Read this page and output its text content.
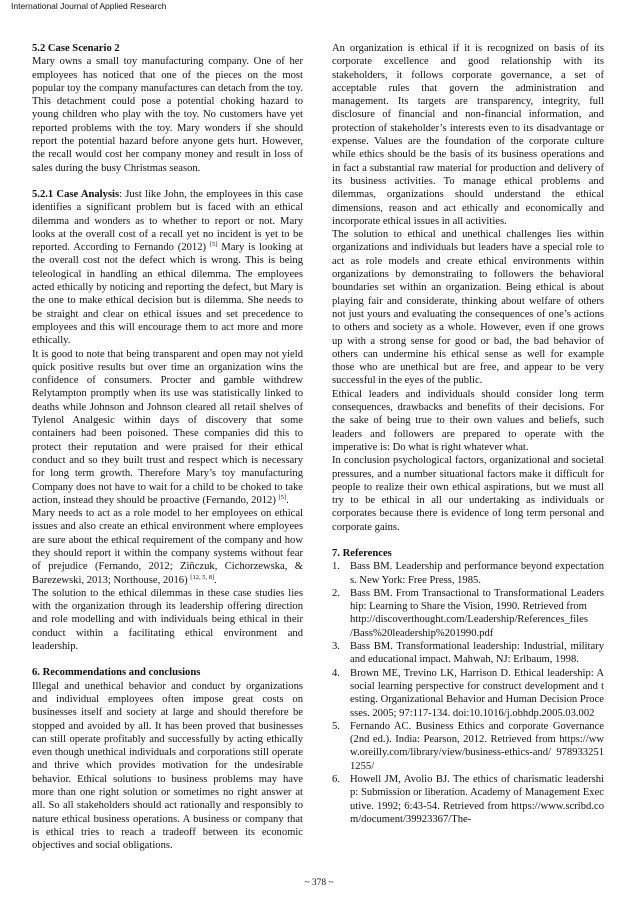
International Journal of Applied Research
5.2 Case Scenario 2

Mary owns a small toy manufacturing company. One of her employees has noticed that one of the pieces on the most popular toy the company manufactures can detach from the toy. This detachment could pose a potential choking hazard to young children who play with the toy. No customers have yet reported problems with the toy. Mary wonders if she should report the potential hazard before anyone gets hurt. However, the recall would cost her company money and result in loss of sales during the busy Christmas season.

5.2.1 Case Analysis: Just like John, the employees in this case identifies a significant problem but is faced with an ethical dilemma and wonders as to whether to report or not. Mary looks at the overall cost of a recall yet no incident is yet to be reported. According to Fernando (2012) [5] Mary is looking at the overall cost not the defect which is wrong. This is being teleological in handling an ethical dilemma. The employees acted ethically by noticing and reporting the defect, but Mary is the one to make ethical decision but is dilemma. She needs to be straight and clear on ethical issues and set precedence to employees and this will encourage them to act more and more ethically.

It is good to note that being transparent and open may not yield quick positive results but over time an organization wins the confidence of consumers. Procter and gamble withdrew Relytampton promptly when its use was statistically linked to deaths while Johnson and Johnson cleared all retail shelves of Tylenol Analgesic within days of discovery that some containers had been poisoned. These companies did this to protect their reputation and were praised for their ethical conduct and so they built trust and respect which is necessary for long term growth. Therefore Mary’s toy manufacturing Company does not have to wait for a child to be choked to take action, instead they should be proactive (Fernando, 2012) [5].

Mary needs to act as a role model to her employees on ethical issues and also create an ethical environment where employees are sure about the ethical requirement of the company and how they should report it within the company systems without fear of prejudice (Fernando, 2012; Ziñczuk, Cichorzewska, & Barezewski, 2013; Northouse, 2016) [12, 5, 8].

The solution to the ethical dilemmas in these case studies lies with the organization through its leadership offering direction and role modelling and with individuals being ethical in their conduct within a facilitating ethical environment and leadership.

6. Recommendations and conclusions

Illegal and unethical behavior and conduct by organizations and individual employees often impose great costs on businesses itself and society at large and should therefore be stopped and avoided by all. It has been proved that businesses can still operate profitably and successfully by acting ethically even though unethical individuals and corporations still operate and thrive which provides motivation for the undesirable behavior. Ethical solutions to business problems may have more than one right solution or sometimes no right answer at all. So all stakeholders should act rationally and responsibly to nature ethical business operations. A business or company that is ethical tries to reach a tradeoff between its economic objectives and social obligations.

An organization is ethical if it is recognized on basis of its corporate excellence and good relationship with its stakeholders, it follows corporate governance, a set of acceptable rules that govern the administration and management. Its targets are transparency, integrity, full disclosure of financial and non-financial information, and protection of stakeholder’s interests even to its disadvantage or expense. Values are the foundation of the corporate culture while ethics should be the basis of its business operations and in fact a substantial raw material for production and delivery of its business activities. To manage ethical problems and dilemmas, organizations should understand the ethical dimensions, reason and act ethically and economically and incorporate ethical issues in all activities.

The solution to ethical and unethical challenges lies within organizations and individuals but leaders have a special role to act as role models and create ethical environments within organizations by demonstrating to followers the behavioral boundaries set within an organization. Being ethical is about playing fair and considerate, thinking about welfare of others not just yours and evaluating the consequences of one’s actions to others and society as a whole. However, even if one grows up with a strong sense for good or bad, the bad behavior of others can undermine his ethical sense as well for example those who are unethical but are free, and appear to be very successful in the eyes of the public.

Ethical leaders and individuals should consider long term consequences, drawbacks and benefits of their decisions. For the sake of being true to their own values and beliefs, such leaders and followers are prepared to operate with the imperative is: Do what is right whatever what.

In conclusion psychological factors, organizational and societal pressures, and a number situational factors make it difficult for people to realize their own ethical aspirations, but we must all try to be ethical in all our undertaking as individuals or corporates because there is evidence of long term personal and corporate gains.

7. References
1. Bass BM. Leadership and performance beyond expectations. New York: Free Press, 1985.
2. Bass BM. From Transactional to Transformational Leadership: Learning to Share the Vision, 1990. Retrieved from
http://discoverthought.com/Leadership/References_files
/Bass%20leadership%201990.pdf
3. Bass BM. Transformational leadership: Industrial, military and educational impact. Mahwah, NJ: Erlbaum, 1998.
4. Brown ME, Trevino LK, Harrison D. Ethical leadership: A social learning perspective for construct development and testing. Organizational Behavior and Human Decision Processes. 2005; 97:117-134. doi:10.1016/j.obhdp.2005.03.002
5. Fernando AC. Business Ethics and corporate Governance (2nd ed.). India: Pearson, 2012. Retrieved from https://www.oreilly.com/library/view/business-ethics-and/ 9789332511255/
6. Howell JM, Avolio BJ. The ethics of charismatic leadership: Submission or liberation. Academy of Management Executive. 1992; 6:43-54. Retrieved from https://www.scribd.com/document/39923367/The-
~ 378 ~
